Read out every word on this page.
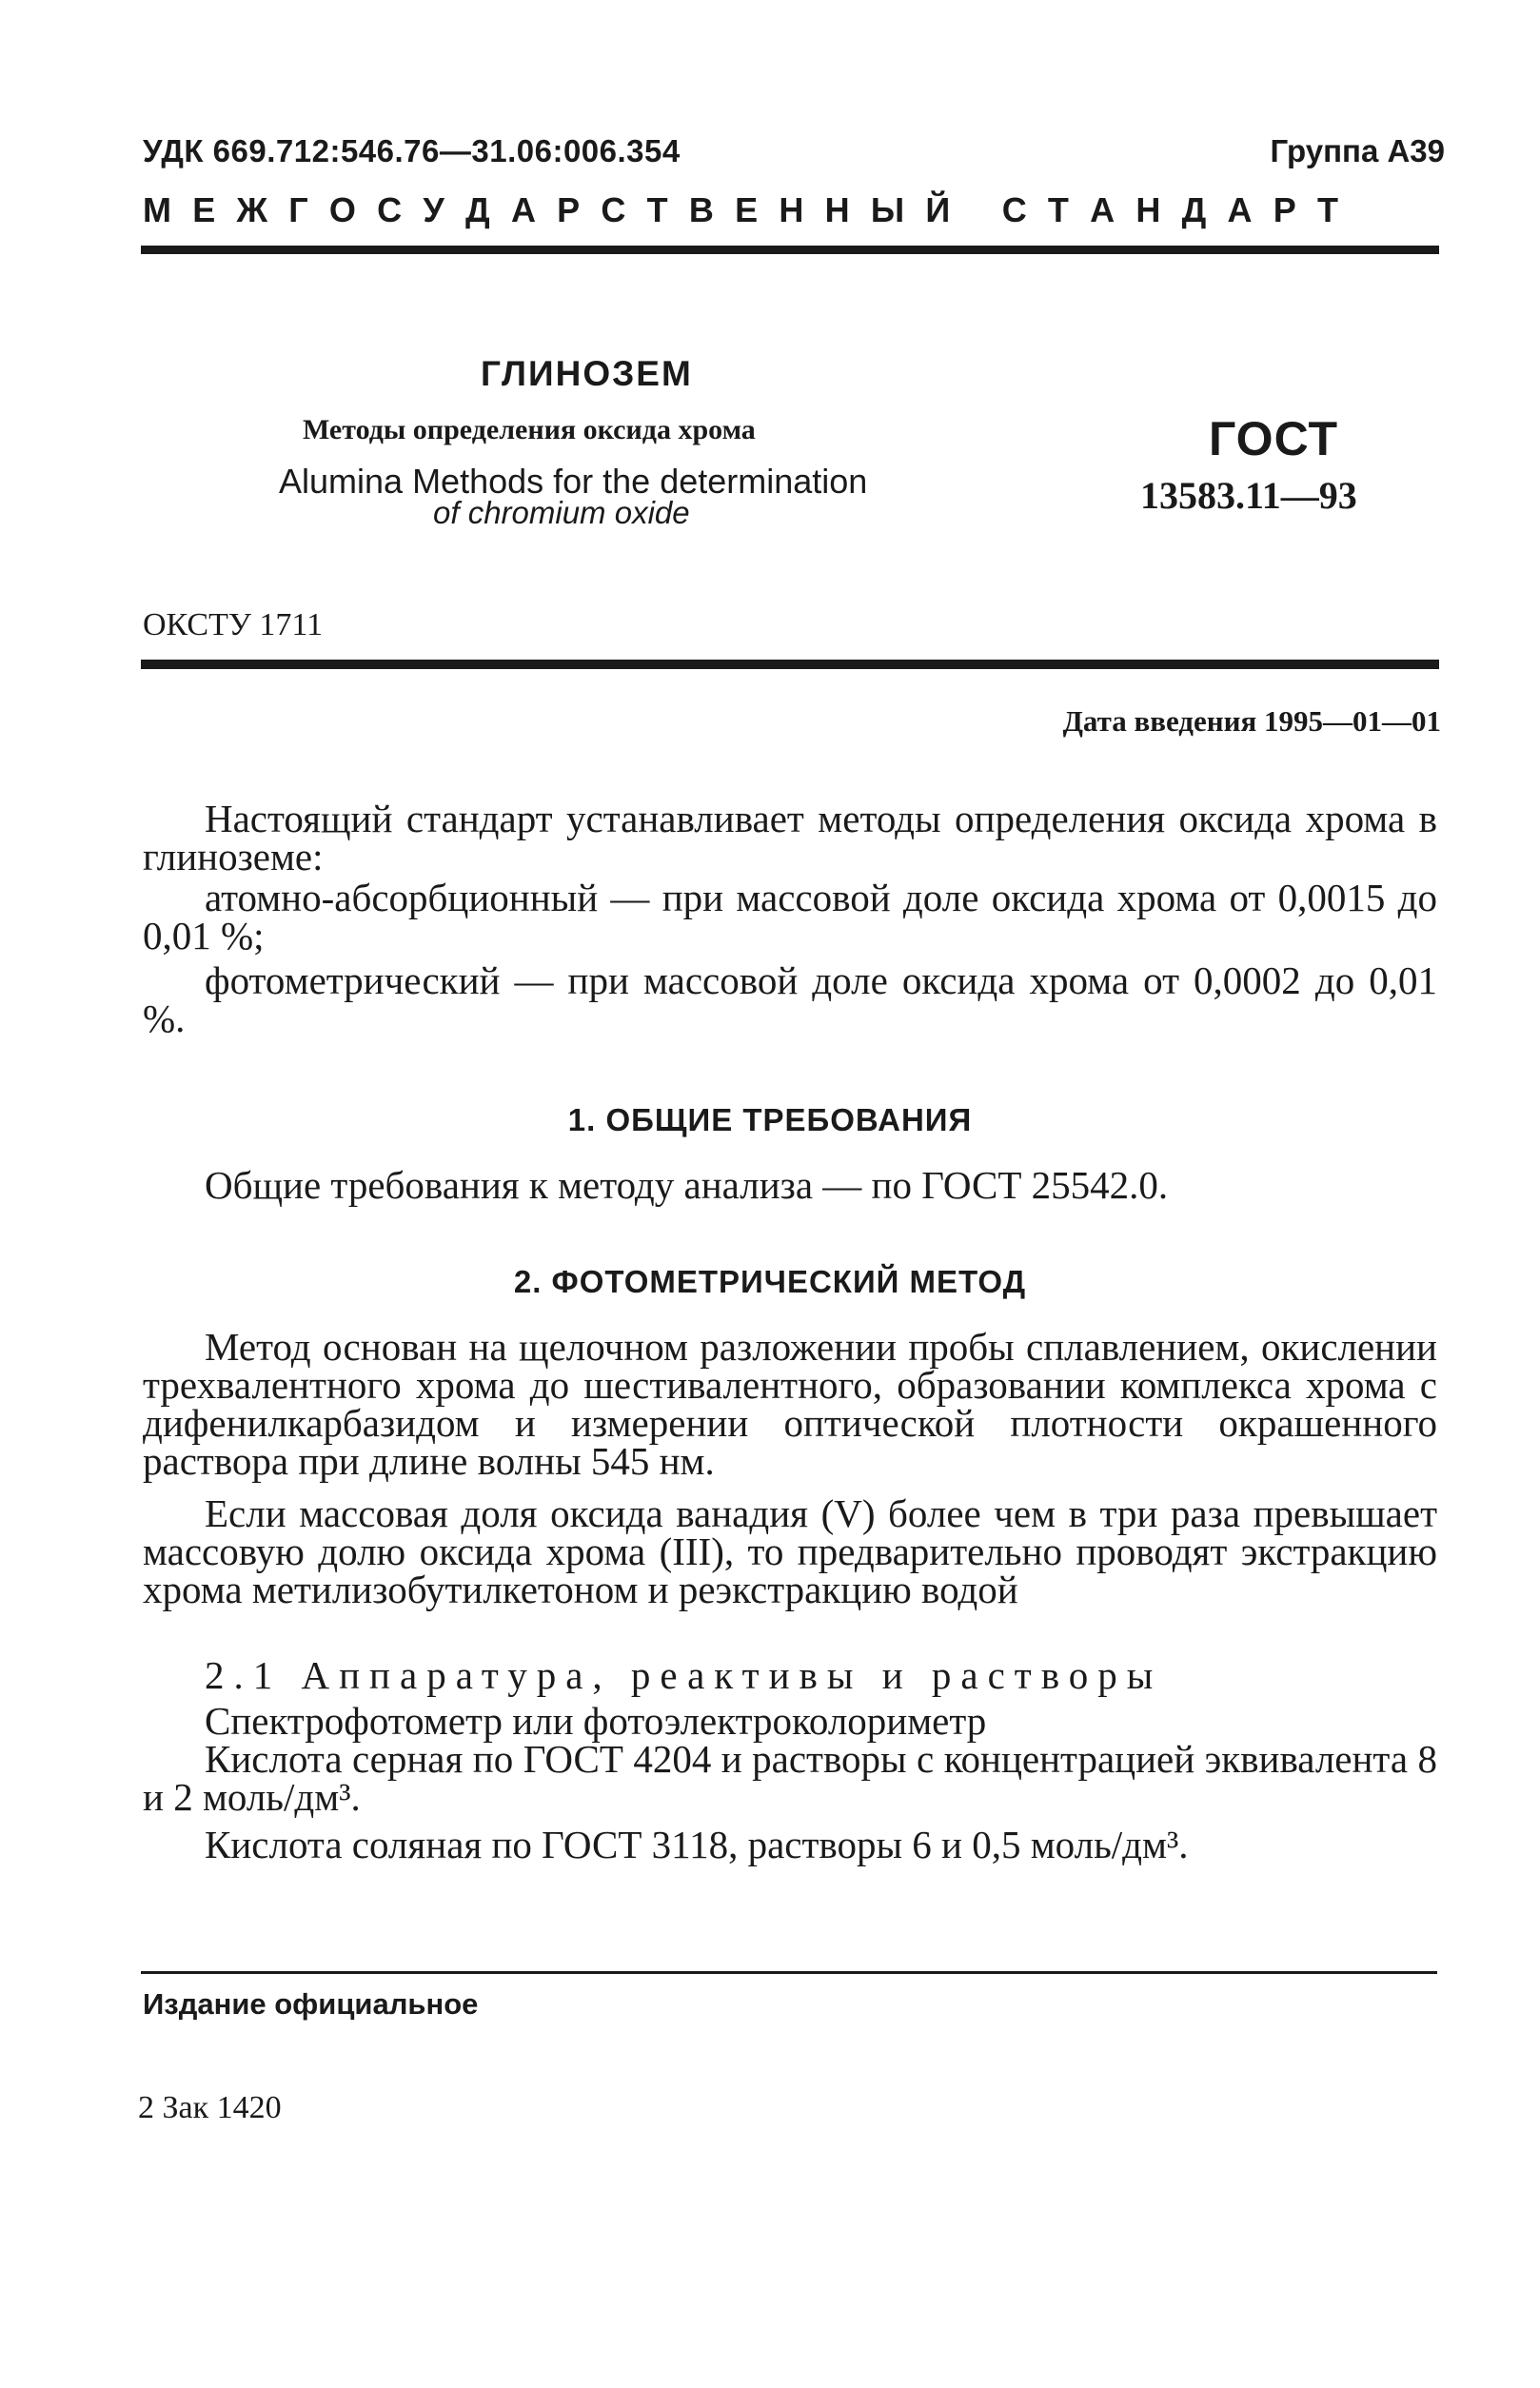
УДК 669.712:546.76—31.06:006.354	Группа А39
М Е Ж Г О С У Д А Р С Т В Е Н Н Ы Й
С Т А Н Д А Р Т
ГЛИНОЗЕМ
Методы определения оксида хрома
Alumina Methods for the determination
of chromium oxide
ГОСТ
13583.11—93
ОКСТУ 1711
Дата введения 1995—01—01
Настоящий стандарт устанавливает методы определения оксида хрома в глиноземе:
атомно-абсорбционный — при массовой доле оксида хрома от 0,0015 до 0,01 %;
фотометрический — при массовой доле оксида хрома от 0,0002 до 0,01 %.
1. ОБЩИЕ ТРЕБОВАНИЯ
Общие требования к методу анализа — по ГОСТ 25542.0.
2. ФОТОМЕТРИЧЕСКИЙ МЕТОД
Метод основан на щелочном разложении пробы сплавлением, окислении трехвалентного хрома до шестивалентного, образовании комплекса хрома с дифенилкарбазидом и измерении оптической плотности окрашенного раствора при длине волны 545 нм.
Если массовая доля оксида ванадия (V) более чем в три раза превышает массовую долю оксида хрома (III), то предварительно проводят экстракцию хрома метилизобутилкетоном и реэкстракцию водой
2.1 Аппаратура, реактивы и растворы
Спектрофотометр или фотоэлектроколориметр
Кислота серная по ГОСТ 4204 и растворы с концентрацией эквивалента 8 и 2 моль/дм³.
Кислота соляная по ГОСТ 3118, растворы 6 и 0,5 моль/дм³.
Издание официальное
2 Зак 1420
